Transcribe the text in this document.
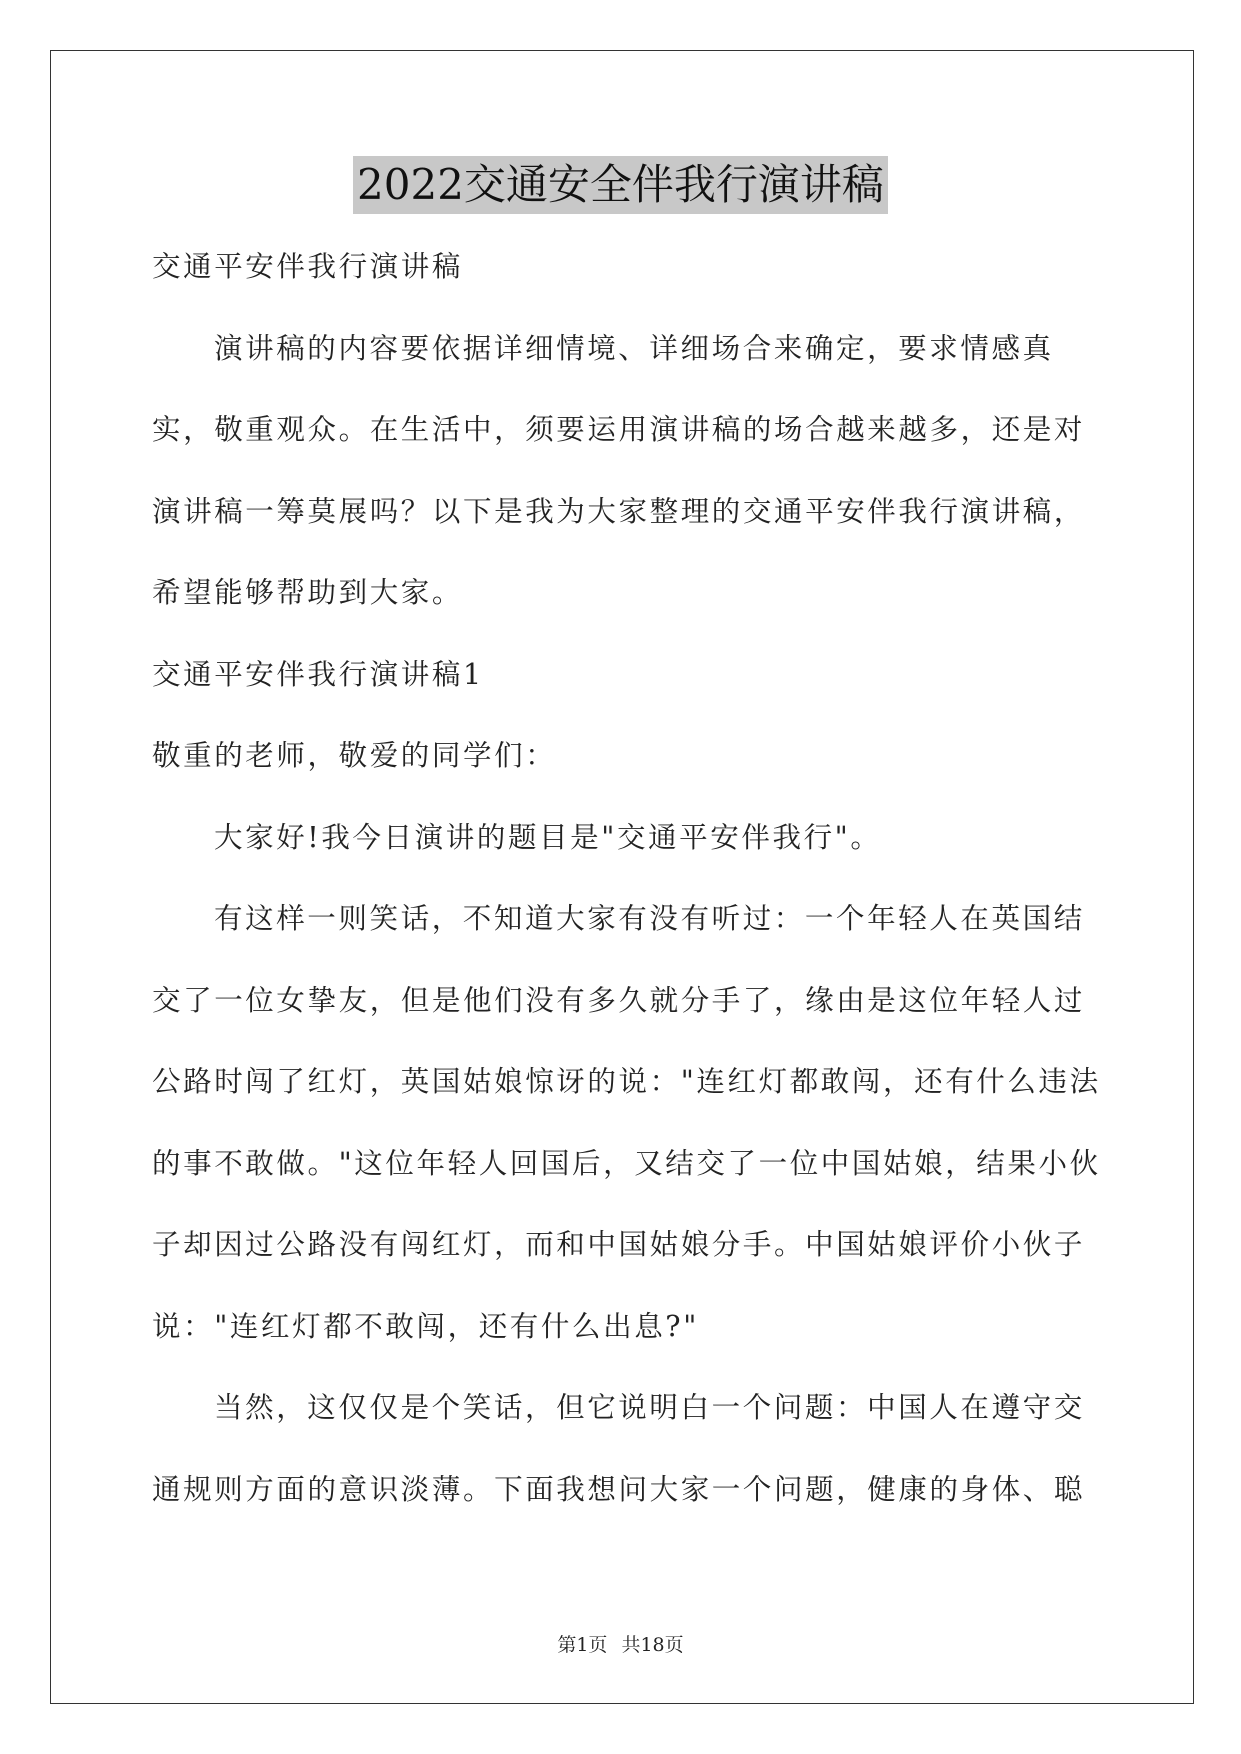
2022交通安全伴我行演讲稿

交通平安伴我行演讲稿

演讲稿的内容要依据详细情境、详细场合来确定，要求情感真实，敬重观众。在生活中，须要运用演讲稿的场合越来越多，还是对演讲稿一筹莫展吗？以下是我为大家整理的交通平安伴我行演讲稿，希望能够帮助到大家。

交通平安伴我行演讲稿1

敬重的老师，敬爱的同学们：

大家好!我今日演讲的题目是"交通平安伴我行"。

有这样一则笑话，不知道大家有没有听过：一个年轻人在英国结交了一位女挚友，但是他们没有多久就分手了，缘由是这位年轻人过公路时闯了红灯，英国姑娘惊讶的说："连红灯都敢闯，还有什么违法的事不敢做。"这位年轻人回国后，又结交了一位中国姑娘，结果小伙子却因过公路没有闯红灯，而和中国姑娘分手。中国姑娘评价小伙子说："连红灯都不敢闯，还有什么出息?"

当然，这仅仅是个笑话，但它说明白一个问题：中国人在遵守交通规则方面的意识淡薄。下面我想问大家一个问题，健康的身体、聪

第1页 共18页
